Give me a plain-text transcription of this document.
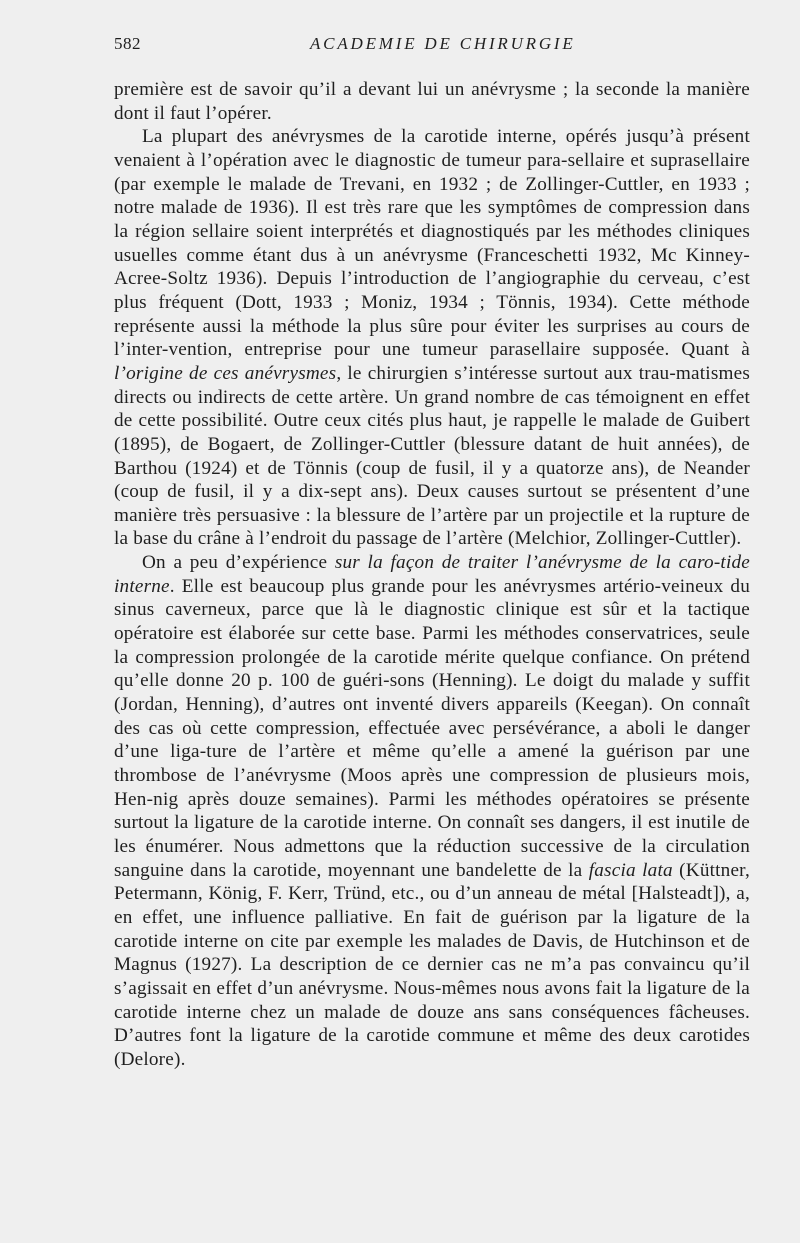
582	ACADEMIE DE CHIRURGIE

première est de savoir qu’il a devant lui un anévrysme ; la seconde la manière dont il faut l’opérer.

La plupart des anévrysmes de la carotide interne, opérés jusqu’à présent venaient à l’opération avec le diagnostic de tumeur para-sellaire et suprasellaire (par exemple le malade de Trevani, en 1932 ; de Zollinger-Cuttler, en 1933 ; notre malade de 1936). Il est très rare que les symptômes de compression dans la région sellaire soient interprétés et diagnostiqués par les méthodes cliniques usuelles comme étant dus à un anévrysme (Franceschetti 1932, Mc Kinney-Acree-Soltz 1936). Depuis l’introduction de l’angiographie du cerveau, c’est plus fréquent (Dott, 1933 ; Moniz, 1934 ; Tönnis, 1934). Cette méthode représente aussi la méthode la plus sûre pour éviter les surprises au cours de l’inter-vention, entreprise pour une tumeur parasellaire supposée. Quant à l’origine de ces anévrysmes, le chirurgien s’intéresse surtout aux trau-matismes directs ou indirects de cette artère. Un grand nombre de cas témoignent en effet de cette possibilité. Outre ceux cités plus haut, je rappelle le malade de Guibert (1895), de Bogaert, de Zollinger-Cuttler (blessure datant de huit années), de Barthou (1924) et de Tönnis (coup de fusil, il y a quatorze ans), de Neander (coup de fusil, il y a dix-sept ans). Deux causes surtout se présentent d’une manière très persuasive : la blessure de l’artère par un projectile et la rupture de la base du crâne à l’endroit du passage de l’artère (Melchior, Zollinger-Cuttler).

On a peu d’expérience sur la façon de traiter l’anévrysme de la caro-tide interne. Elle est beaucoup plus grande pour les anévrysmes artério-veineux du sinus caverneux, parce que là le diagnostic clinique est sûr et la tactique opératoire est élaborée sur cette base. Parmi les méthodes conservatrices, seule la compression prolongée de la carotide mérite quelque confiance. On prétend qu’elle donne 20 p. 100 de guéri-sons (Henning). Le doigt du malade y suffit (Jordan, Henning), d’autres ont inventé divers appareils (Keegan). On connaît des cas où cette compression, effectuée avec persévérance, a aboli le danger d’une liga-ture de l’artère et même qu’elle a amené la guérison par une thrombose de l’anévrysme (Moos après une compression de plusieurs mois, Hen-nig après douze semaines). Parmi les méthodes opératoires se présente surtout la ligature de la carotide interne. On connaît ses dangers, il est inutile de les énumérer. Nous admettons que la réduction successive de la circulation sanguine dans la carotide, moyennant une bandelette de la fascia lata (Küttner, Petermann, König, F. Kerr, Tründ, etc., ou d’un anneau de métal [Halsteadt]), a, en effet, une influence palliative. En fait de guérison par la ligature de la carotide interne on cite par exemple les malades de Davis, de Hutchinson et de Magnus (1927). La description de ce dernier cas ne m’a pas convaincu qu’il s’agissait en effet d’un anévrysme. Nous-mêmes nous avons fait la ligature de la carotide interne chez un malade de douze ans sans conséquences fâcheuses. D’autres font la ligature de la carotide commune et même des deux carotides (Delore).
